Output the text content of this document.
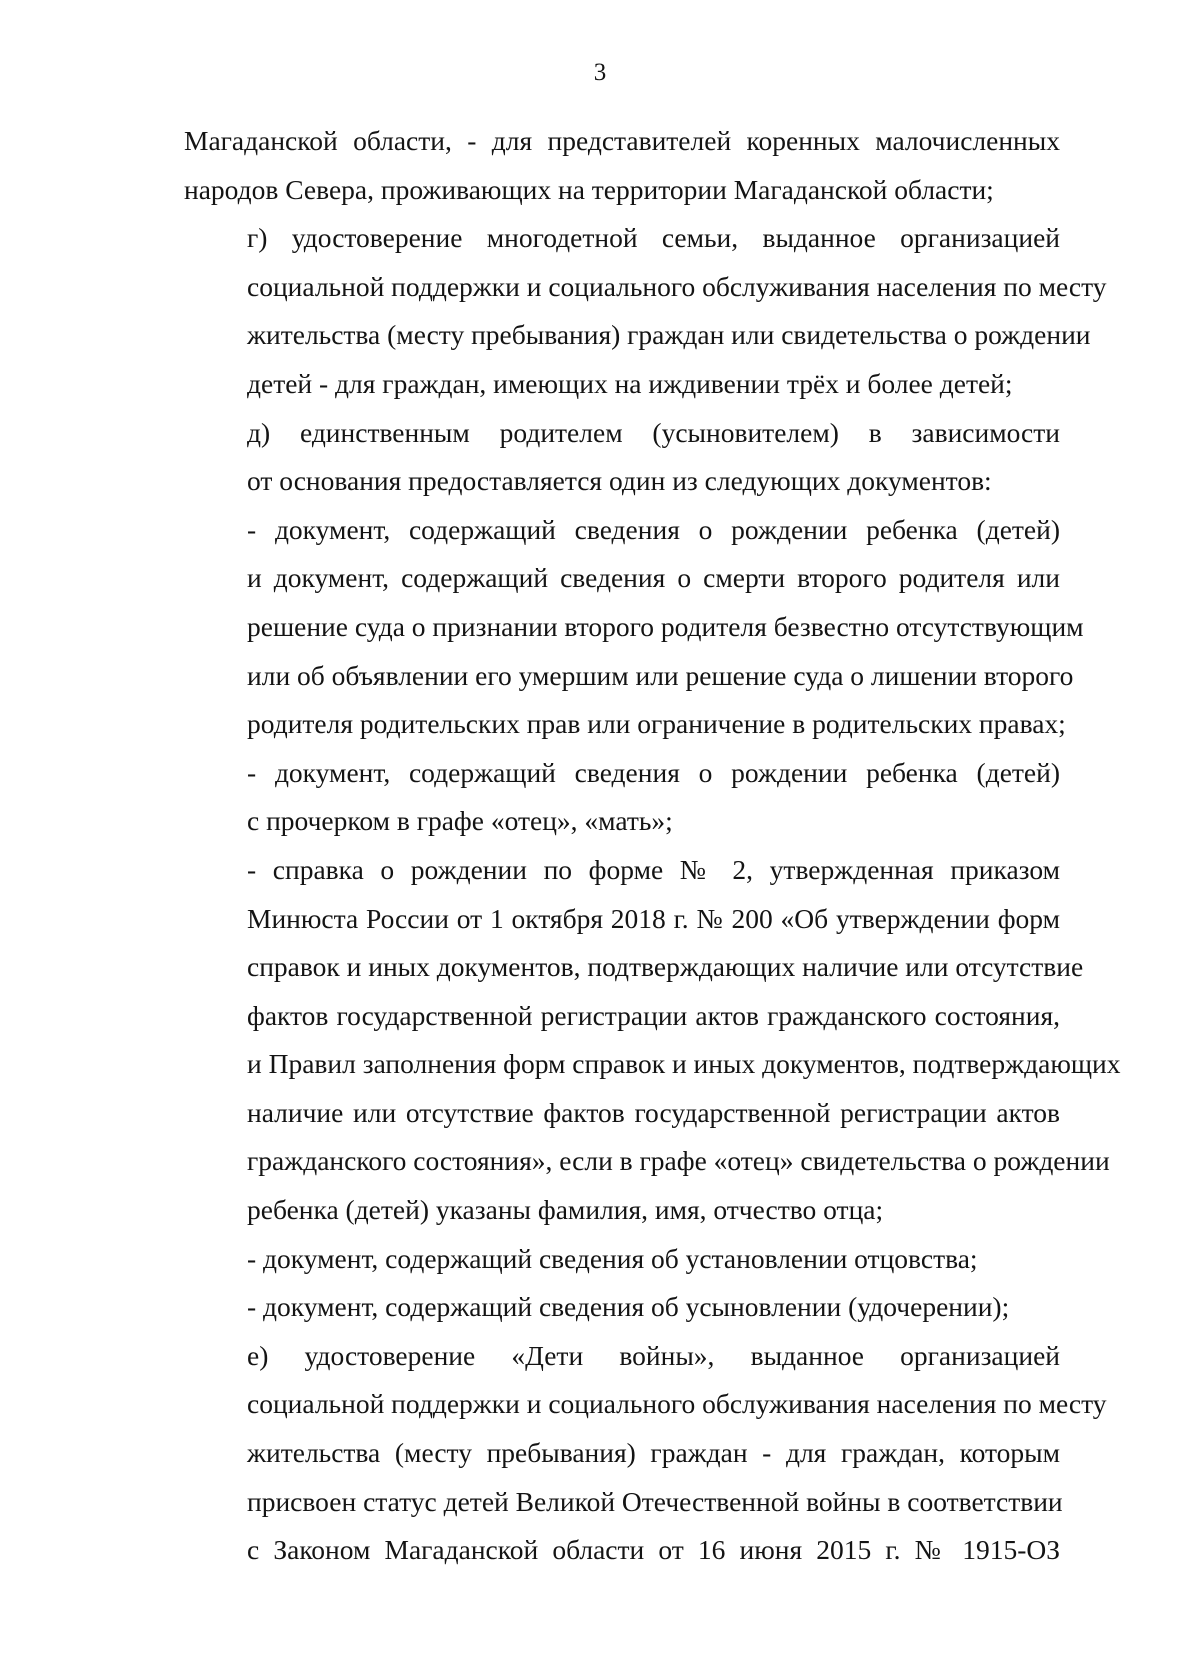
3

Магаданской области, - для представителей коренных малочисленных
народов Севера, проживающих на территории Магаданской области;

г) удостоверение многодетной семьи, выданное организацией
социальной поддержки и социального обслуживания населения по месту
жительства (месту пребывания) граждан или свидетельства о рождении
детей - для граждан, имеющих на иждивении трёх и более детей;

д) единственным родителем (усыновителем) в зависимости
от основания предоставляется один из следующих документов:

- документ, содержащий сведения о рождении ребенка (детей)
и документ, содержащий сведения о смерти второго родителя или
решение суда о признании второго родителя безвестно отсутствующим
или об объявлении его умершим или решение суда о лишении второго
родителя родительских прав или ограничение в родительских правах;

- документ, содержащий сведения о рождении ребенка (детей)
с прочерком в графе «отец», «мать»;

- справка о рождении по форме № 2, утвержденная приказом
Минюста России от 1 октября 2018 г. № 200 «Об утверждении форм
справок и иных документов, подтверждающих наличие или отсутствие
фактов государственной регистрации актов гражданского состояния,
и Правил заполнения форм справок и иных документов, подтверждающих
наличие или отсутствие фактов государственной регистрации актов
гражданского состояния», если в графе «отец» свидетельства о рождении
ребенка (детей) указаны фамилия, имя, отчество отца;

- документ, содержащий сведения об установлении отцовства;

- документ, содержащий сведения об усыновлении (удочерении);

е) удостоверение «Дети войны», выданное организацией
социальной поддержки и социального обслуживания населения по месту
жительства (месту пребывания) граждан - для граждан, которым
присвоен статус детей Великой Отечественной войны в соответствии
с Законом Магаданской области от 16 июня 2015 г. № 1915-ОЗ
